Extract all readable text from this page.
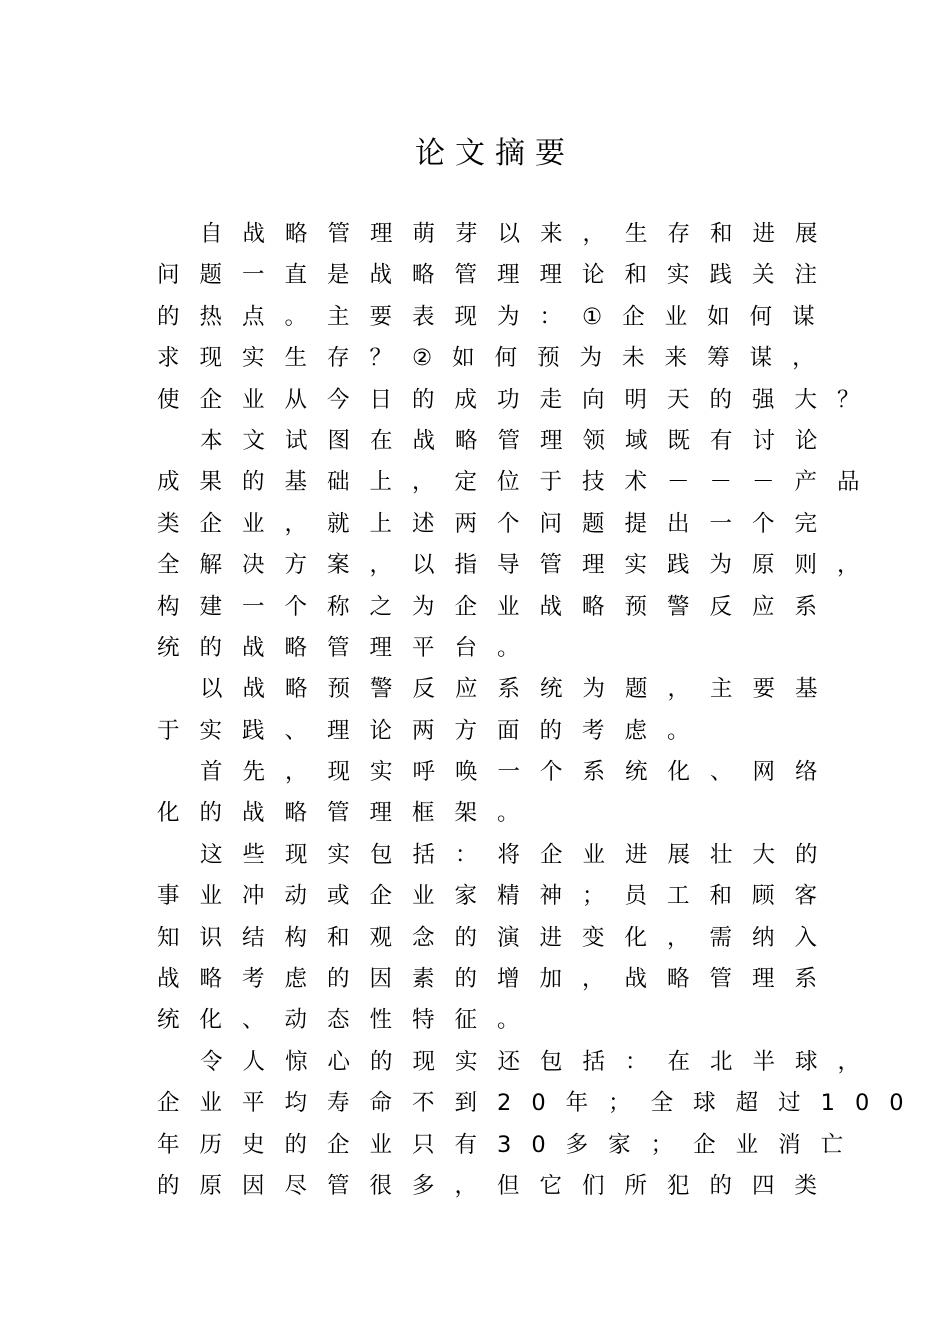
论文摘要
自战略管理萌芽以来，生存和进展
问题一直是战略管理理论和实践关注
的热点。主要表现为：①企业如何谋
求现实生存？②如何预为未来筹谋，
使企业从今日的成功走向明天的强大？
本文试图在战略管理领域既有讨论
成果的基础上，定位于技术－－－产品
类企业，就上述两个问题提出一个完
全解决方案，以指导管理实践为原则，
构建一个称之为企业战略预警反应系
统的战略管理平台。
以战略预警反应系统为题，主要基
于实践、理论两方面的考虑。
首先，现实呼唤一个系统化、网络
化的战略管理框架。
这些现实包括：将企业进展壮大的
事业冲动或企业家精神；员工和顾客
知识结构和观念的演进变化，需纳入
战略考虑的因素的增加，战略管理系
统化、动态性特征。
令人惊心的现实还包括：在北半球，
企业平均寿命不到20年；全球超过100
年历史的企业只有30多家；企业消亡
的原因尽管很多，但它们所犯的四类
